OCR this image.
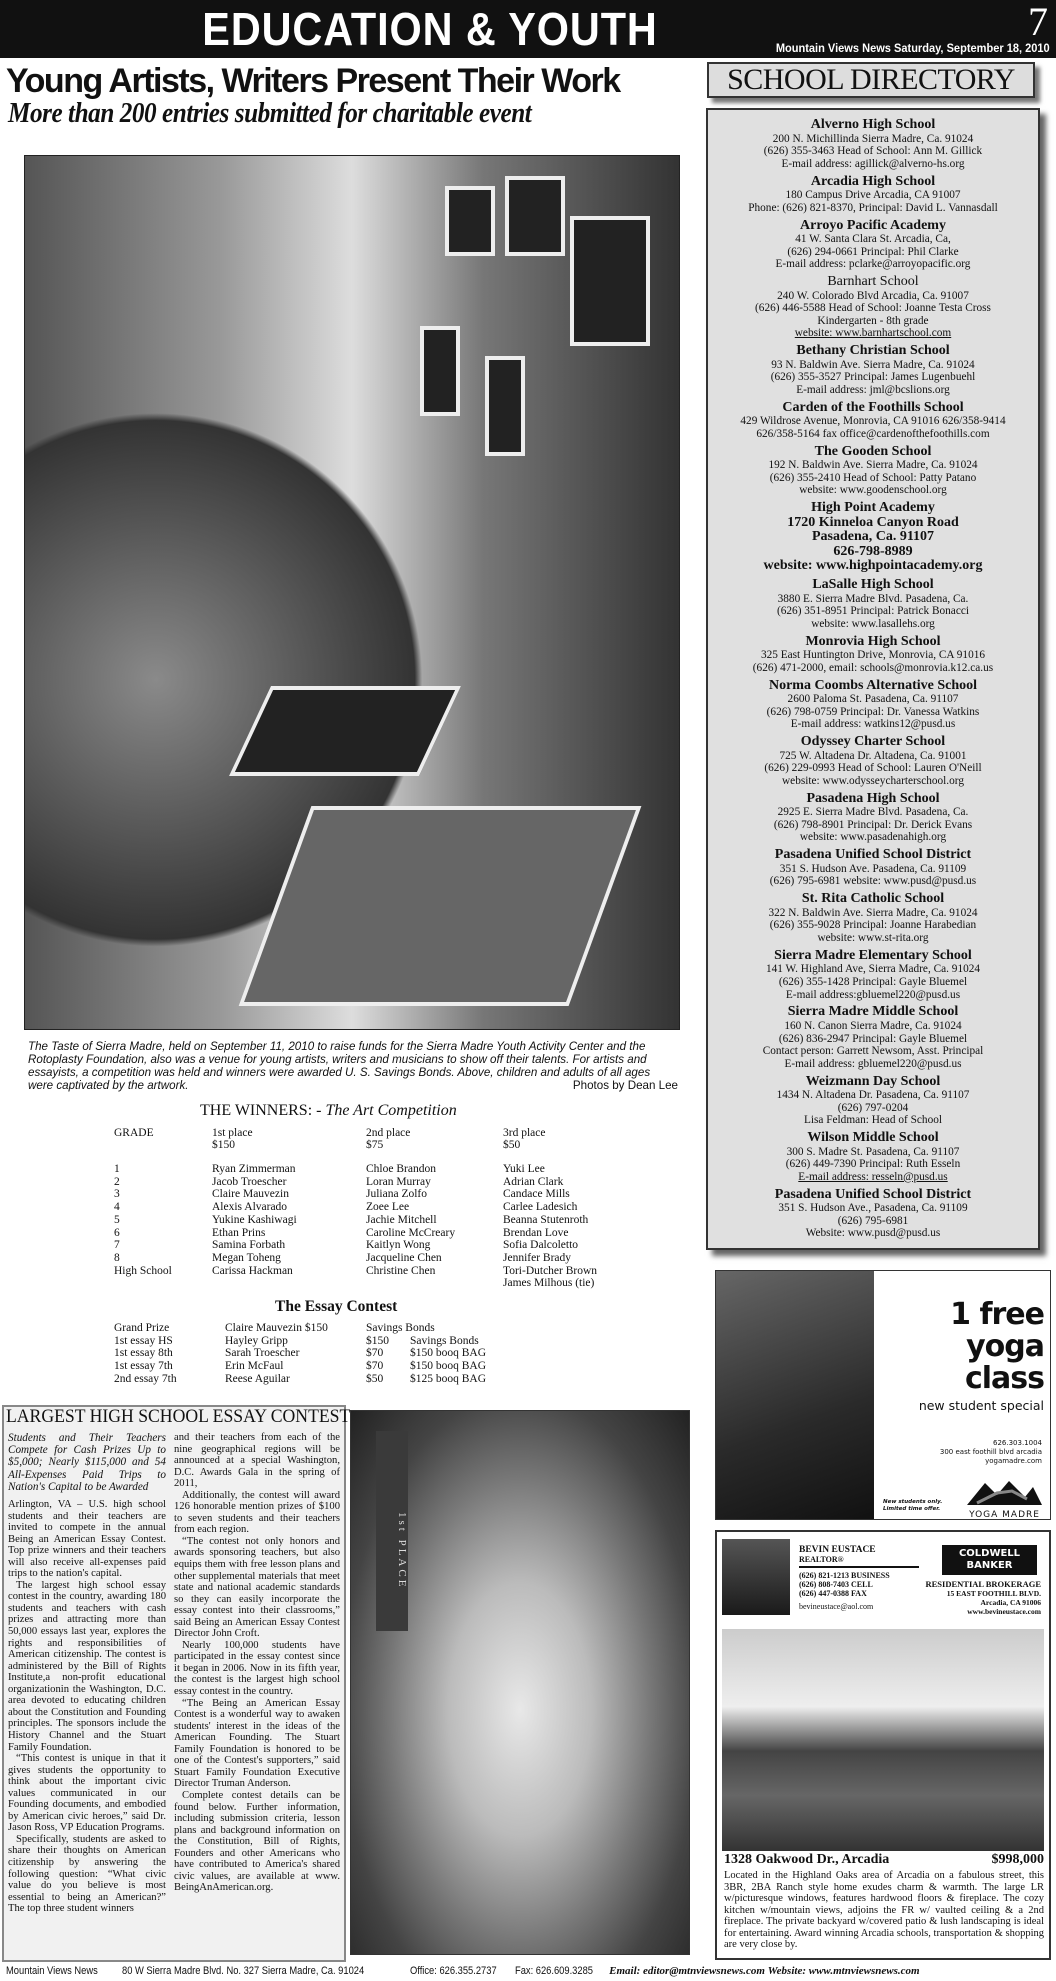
EDUCATION & YOUTH	7
Mountain Views News Saturday, September 18, 2010
Young Artists, Writers Present Their Work
More than 200 entries submitted for charitable event
The Taste of Sierra Madre, held on September 11, 2010 to raise funds for the Sierra Madre Youth Activity Center and the Rotoplasty Foundation, also was a venue for young artists, writers and musicians to show off their talents. For artists and essayists, a competition was held and winners were awarded U. S. Savings Bonds. Above, children and adults of all ages were captivated by the artwork.	Photos by Dean Lee
THE WINNERS: - The Art Competition
GRADE	1st place	2nd place	3rd place
$150	$75	$50
1	Ryan Zimmerman	Chloe Brandon	Yuki Lee
2	Jacob Troescher	Loran Murray	Adrian Clark
3	Claire Mauvezin	Juliana Zolfo	Candace Mills
4	Alexis Alvarado	Zoee Lee	Carlee Ladesich
5	Yukine Kashiwagi	Jachie Mitchell	Beanna Stutenroth
6	Ethan Prins	Caroline McCreary	Brendan Love
7	Samina Forbath	Kaitlyn Wong	Sofia Dalcoletto
8	Megan Toheng	Jacqueline Chen	Jennifer Brady
High School	Carissa Hackman	Christine Chen	Tori-Dutcher Brown
James Milhous (tie)
The Essay Contest
Grand Prize	Claire Mauvezin $150	Savings Bonds
1st essay HS	Hayley Gripp	$150 Savings Bonds
1st essay 8th	Sarah Troescher	$70 $150 booq BAG
1st essay 7th	Erin McFaul	$70 $150 booq BAG
2nd essay 7th	Reese Aguilar	$50 $125 booq BAG
LARGEST HIGH SCHOOL ESSAY CONTEST

Students and Their Teachers Compete for Cash Prizes Up to $5,000; Nearly $115,000 and 54 All-Expenses Paid Trips to Nation's Capital to be Awarded

Arlington, VA – U.S. high school students and their teachers are invited to compete in the annual Being an American Essay Contest. Top prize winners and their teachers will also receive all-expenses paid trips to the nation's capital.

The largest high school essay contest in the country, awarding 180 students and teachers with cash prizes and attracting more than 50,000 essays last year, explores the rights and responsibilities of American citizenship. The contest is administered by the Bill of Rights Institute,a non-profit educational organizationin the Washington, D.C. area devoted to educating children about the Constitution and Founding principles. The sponsors include the History Channel and the Stuart Family Foundation.

“This contest is unique in that it gives students the opportunity to think about the important civic values communicated in our Founding documents, and embodied by American civic heroes,” said Dr. Jason Ross, VP Education Programs.

Specifically, students are asked to share their thoughts on American citizenship by answering the following question: “What civic value do you believe is most essential to being an American?” The top three student winners

and their teachers from each of the nine geographical regions will be announced at a special Washington, D.C. Awards Gala in the spring of 2011,

Additionally, the contest will award 126 honorable mention prizes of $100 to seven students and their teachers from each region.

“The contest not only honors and awards sponsoring teachers, but also equips them with free lesson plans and other supplemental materials that meet state and national academic standards so they can easily incorporate the essay contest into their classrooms,” said Being an American Essay Contest Director John Croft.

Nearly 100,000 students have participated in the essay contest since it began in 2006. Now in its fifth year, the contest is the largest high school essay contest in the country.

“The Being an American Essay Contest is a wonderful way to awaken students' interest in the ideas of the American Founding. The Stuart Family Foundation is honored to be one of the Contest's supporters,” said Stuart Family Foundation Executive Director Truman Anderson.

Complete contest details can be found below. Further information, including submission criteria, lesson plans and background information on the Constitution, Bill of Rights, Founders and other Americans who have contributed to America's shared civic values, are available at www. BeingAnAmerican.org.

1st PLACE
SCHOOL DIRECTORY
Alverno High School
200 N. Michillinda Sierra Madre, Ca. 91024
(626) 355-3463 Head of School: Ann M. Gillick
E-mail address: agillick@alverno-hs.org
Arcadia High School
180 Campus Drive Arcadia, CA 91007
Phone: (626) 821-8370, Principal: David L. Vannasdall
Arroyo Pacific Academy
41 W. Santa Clara St. Arcadia, Ca,
(626) 294-0661 Principal: Phil Clarke
E-mail address: pclarke@arroyopacific.org
Barnhart School
240 W. Colorado Blvd Arcadia, Ca. 91007
(626) 446-5588 Head of School: Joanne Testa Cross
Kindergarten - 8th grade
website: www.barnhartschool.com
Bethany Christian School
93 N. Baldwin Ave. Sierra Madre, Ca. 91024
(626) 355-3527 Principal: James Lugenbuehl
E-mail address: jml@bcslions.org
Carden of the Foothills School
429 Wildrose Avenue, Monrovia, CA 91016 626/358-9414
626/358-5164 fax office@cardenofthefoothills.com
The Gooden School
192 N. Baldwin Ave. Sierra Madre, Ca. 91024
(626) 355-2410 Head of School: Patty Patano
website: www.goodenschool.org
High Point Academy
1720 Kinneloa Canyon Road
Pasadena, Ca. 91107
626-798-8989
website: www.highpointacademy.org
LaSalle High School
3880 E. Sierra Madre Blvd. Pasadena, Ca.
(626) 351-8951 Principal: Patrick Bonacci
website: www.lasallehs.org
Monrovia High School
325 East Huntington Drive, Monrovia, CA 91016
(626) 471-2000, email: schools@monrovia.k12.ca.us
Norma Coombs Alternative School
2600 Paloma St. Pasadena, Ca. 91107
(626) 798-0759 Principal: Dr. Vanessa Watkins
E-mail address: watkins12@pusd.us
Odyssey Charter School
725 W. Altadena Dr. Altadena, Ca. 91001
(626) 229-0993 Head of School: Lauren O'Neill
website: www.odysseycharterschool.org
Pasadena High School
2925 E. Sierra Madre Blvd. Pasadena, Ca.
(626) 798-8901 Principal: Dr. Derick Evans
website: www.pasadenahigh.org
Pasadena Unified School District
351 S. Hudson Ave. Pasadena, Ca. 91109
(626) 795-6981 website: www.pusd@pusd.us
St. Rita Catholic School
322 N. Baldwin Ave. Sierra Madre, Ca. 91024
(626) 355-9028 Principal: Joanne Harabedian
website: www.st-rita.org
Sierra Madre Elementary School
141 W. Highland Ave, Sierra Madre, Ca. 91024
(626) 355-1428 Principal: Gayle Bluemel
E-mail address:gbluemel220@pusd.us
Sierra Madre Middle School
160 N. Canon Sierra Madre, Ca. 91024
(626) 836-2947 Principal: Gayle Bluemel
Contact person: Garrett Newsom, Asst. Principal
E-mail address: gbluemel220@pusd.us
Weizmann Day School
1434 N. Altadena Dr. Pasadena, Ca. 91107
(626) 797-0204
Lisa Feldman: Head of School
Wilson Middle School
300 S. Madre St. Pasadena, Ca. 91107
(626) 449-7390 Principal: Ruth Esseln
E-mail address: resseln@pusd.us
Pasadena Unified School District
351 S. Hudson Ave., Pasadena, Ca. 91109
(626) 795-6981
Website: www.pusd@pusd.us
1 free
yoga
class
new student special
626.303.1004
300 east foothill blvd arcadia
yogamadre.com
New students only.
Limited time offer.
YOGA MADRE
BEVIN EUSTACE
REALTOR®
(626) 821-1213 BUSINESS
(626) 808-7403 CELL
(626) 447-0388 FAX
bevineustace@aol.com
COLDWELL
BANKER
RESIDENTIAL BROKERAGE
15 EAST FOOTHILL BLVD.
Arcadia, CA 91006
www.bevineustace.com
1328 Oakwood Dr., Arcadia	$998,000
Located in the Highland Oaks area of Arcadia on a fabulous street, this 3BR, 2BA Ranch style home exudes charm & warmth. The large LR w/picturesque windows, features hardwood floors & fireplace. The cozy kitchen w/mountain views, adjoins the FR w/ vaulted ceiling & a 2nd fireplace. The private backyard w/covered patio & lush landscaping is ideal for entertaining. Award winning Arcadia schools, transportation & shopping are very close by.
Mountain Views News 80 W Sierra Madre Blvd. No. 327 Sierra Madre, Ca. 91024	Office: 626.355.2737 Fax: 626.609.3285 Email: editor@mtnviewsnews.com Website: www.mtnviewsnews.com
